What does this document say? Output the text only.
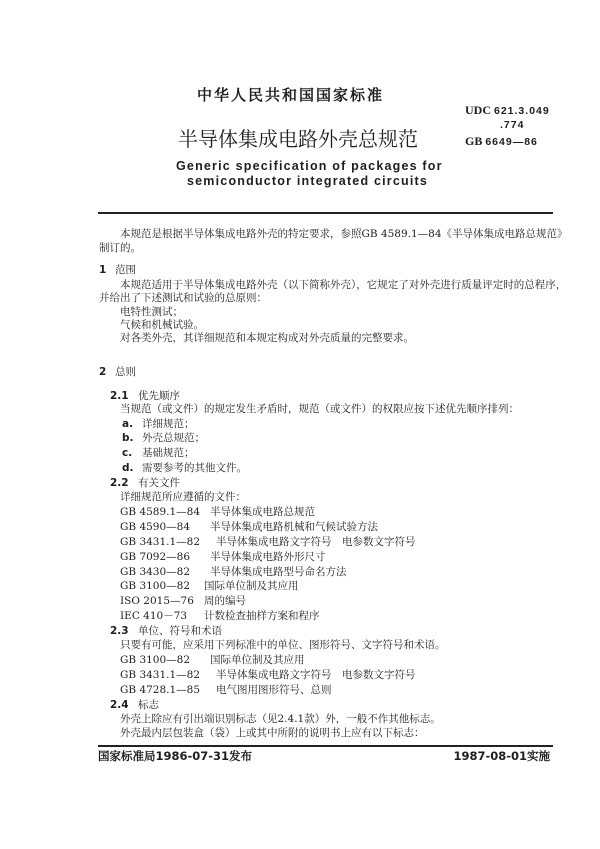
中华人民共和国国家标准
UDC 621.3.049
.774
半导体集成电路外壳总规范	GB 6649—86
Generic specification of packages for
semiconductor integrated circuits
本规范是根据半导体集成电路外壳的特定要求，参照GB 4589.1—84《半导体集成电路总规范》
制订的。
1 范围
本规范适用于半导体集成电路外壳（以下简称外壳），它规定了对外壳进行质量评定时的总程序，
并给出了下述测试和试验的总原则：
电特性测试；
气候和机械试验。
对各类外壳，其详细规范和本规定构成对外壳质量的完整要求。
2 总则
2.1 优先顺序
当规范（或文件）的规定发生矛盾时，规范（或文件）的权限应按下述优先顺序排列：
a. 详细规范；
b. 外壳总规范；
c. 基础规范；
d. 需要参考的其他文件。
2.2 有关文件
详细规范所应遵循的文件：
GB 4589.1—84 半导体集成电路总规范
GB 4590—84 半导体集成电路机械和气候试验方法
GB 3431.1—82 半导体集成电路文字符号　电参数文字符号
GB 7092—86 半导体集成电路外形尺寸
GB 3430—82 半导体集成电路型号命名方法
GB 3100—82 国际单位制及其应用
ISO 2015—76 周的编号
IEC 410－73 计数检查抽样方案和程序
2.3 单位、符号和术语
只要有可能，应采用下列标准中的单位、图形符号、文字符号和术语。
GB 3100—82 国际单位制及其应用
GB 3431.1—82 半导体集成电路文字符号　电参数文字符号
GB 4728.1—85 电气图用图形符号、总则
2.4 标志
外壳上除应有引出端识别标志（见2.4.1款）外，一般不作其他标志。
外壳最内层包装盒（袋）上或其中所附的说明书上应有以下标志：
国家标准局1986-07-31发布	1987-08-01实施
